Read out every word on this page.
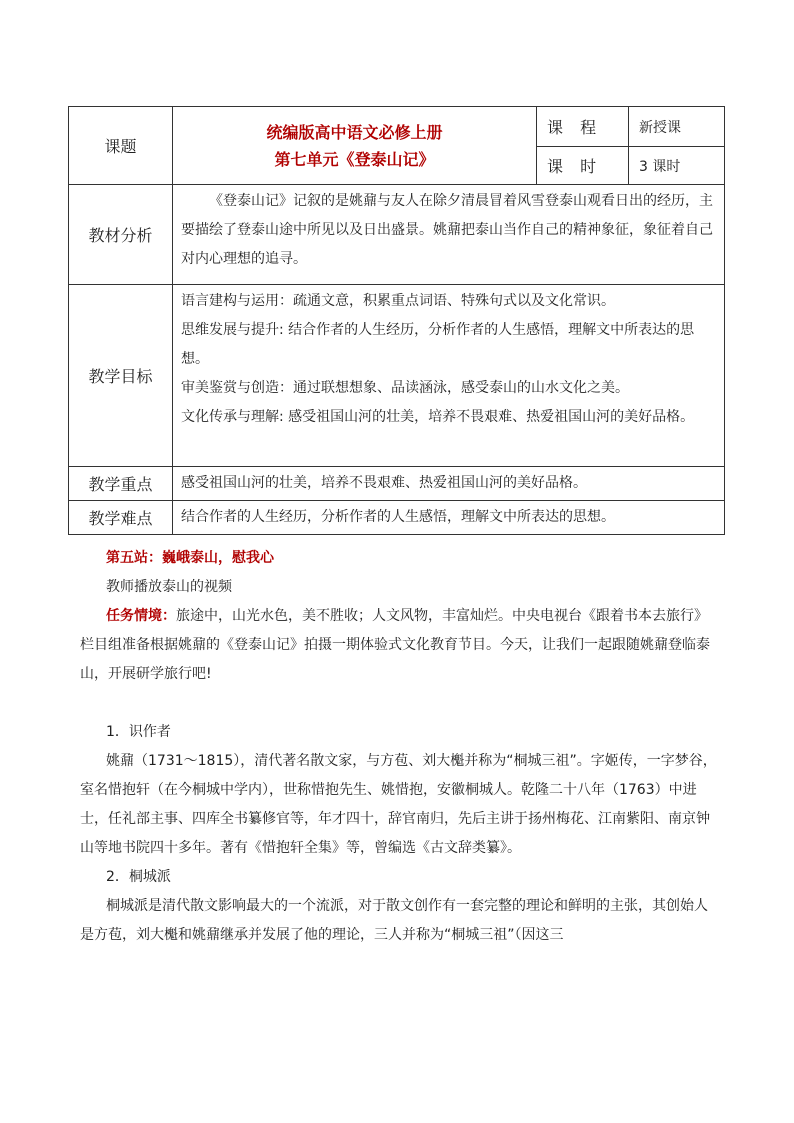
课题	统编版高中语文必修上册
第七单元《登泰山记》	课 程	新授课
		课 时	3 课时
教材分析	《登泰山记》记叙的是姚鼐与友人在除夕清晨冒着风雪登泰山观看日出的经历，主要描绘了登泰山途中所见以及日出盛景。姚鼐把泰山当作自己的精神象征，象征着自己对内心理想的追寻。		

教学目标	语言建构与运用：疏通文意，积累重点词语、特殊句式以及文化常识。
思维发展与提升: 结合作者的人生经历，分析作者的人生感悟，理解文中所表达的思想。
审美鉴赏与创造：通过联想想象、品读涵泳，感受泰山的山水文化之美。
文化传承与理解: 感受祖国山河的壮美，培养不畏艰难、热爱祖国山河的美好品格。		

教学重点	感受祖国山河的壮美，培养不畏艰难、热爱祖国山河的美好品格。		
教学难点	结合作者的人生经历，分析作者的人生感悟，理解文中所表达的思想。		

第五站：巍峨泰山，慰我心

教师播放泰山的视频

任务情境：旅途中，山光水色，美不胜收；人文风物，丰富灿烂。中央电视台《跟着书本去旅行》栏目组准备根据姚鼐的《登泰山记》拍摄一期体验式文化教育节目。今天，让我们一起跟随姚鼐登临泰山，开展研学旅行吧!

1．识作者

姚鼐（1731～1815），清代著名散文家，与方苞、刘大櫆并称为“桐城三祖”。字姬传，一字梦谷，室名惜抱轩（在今桐城中学内），世称惜抱先生、姚惜抱，安徽桐城人。乾隆二十八年（1763）中进士，任礼部主事、四库全书纂修官等，年才四十，辞官南归，先后主讲于扬州梅花、江南紫阳、南京钟山等地书院四十多年。著有《惜抱轩全集》等，曾编选《古文辞类纂》。

2．桐城派

桐城派是清代散文影响最大的一个流派，对于散文创作有一套完整的理论和鲜明的主张，其创始人是方苞，刘大櫆和姚鼐继承并发展了他的理论，三人并称为“桐城三祖”（因这三
